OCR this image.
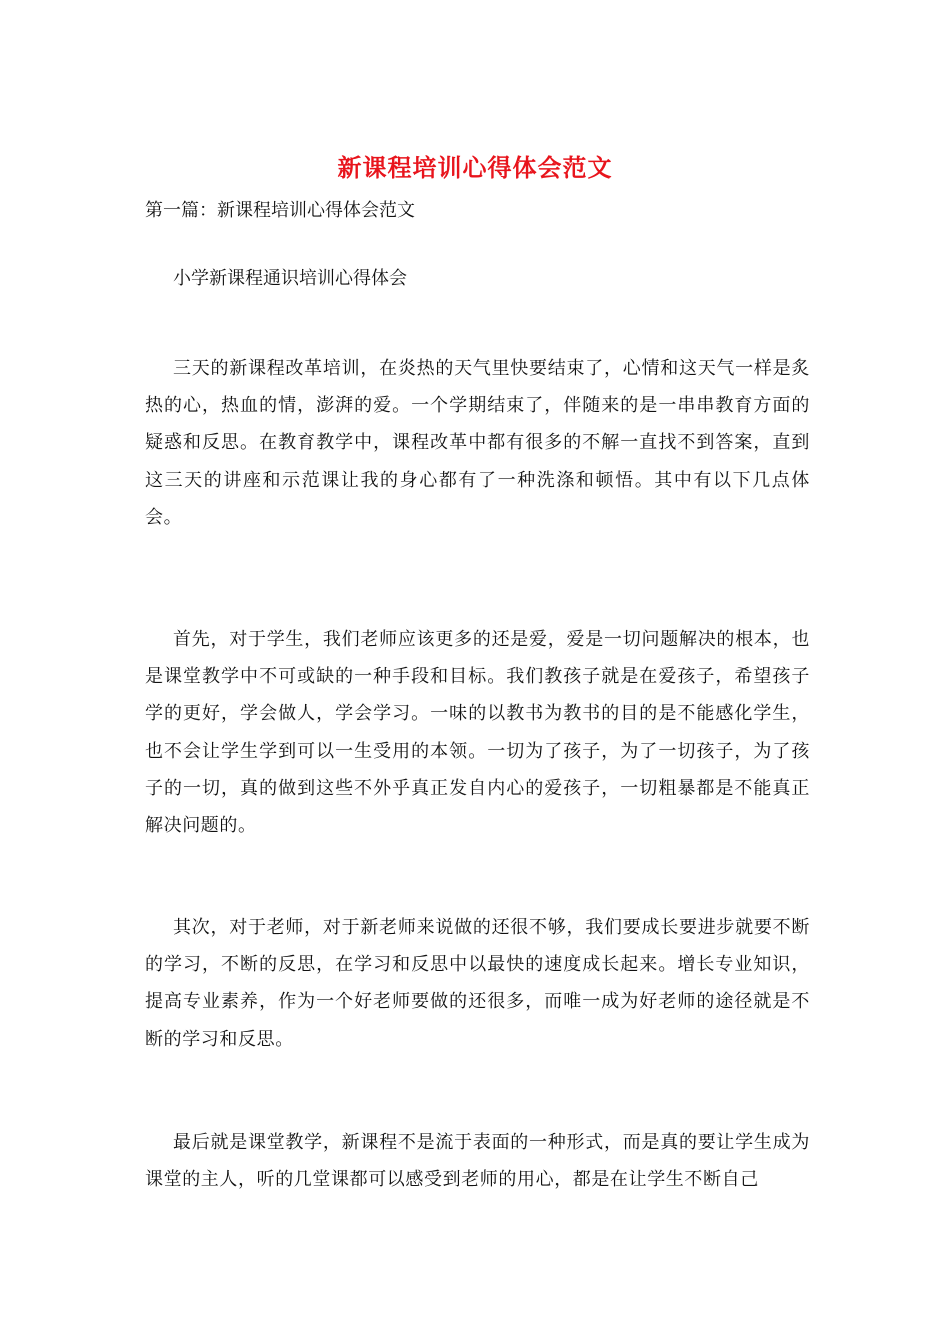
新课程培训心得体会范文
第一篇：新课程培训心得体会范文
小学新课程通识培训心得体会

三天的新课程改革培训，在炎热的天气里快要结束了，心情和这天气一样是炙热的心，热血的情，澎湃的爱。一个学期结束了，伴随来的是一串串教育方面的疑惑和反思。在教育教学中，课程改革中都有很多的不解一直找不到答案，直到这三天的讲座和示范课让我的身心都有了一种洗涤和顿悟。其中有以下几点体会。

首先，对于学生，我们老师应该更多的还是爱，爱是一切问题解决的根本，也是课堂教学中不可或缺的一种手段和目标。我们教孩子就是在爱孩子，希望孩子学的更好，学会做人，学会学习。一味的以教书为教书的目的是不能感化学生，也不会让学生学到可以一生受用的本领。一切为了孩子，为了一切孩子，为了孩子的一切，真的做到这些不外乎真正发自内心的爱孩子，一切粗暴都是不能真正解决问题的。

其次，对于老师，对于新老师来说做的还很不够，我们要成长要进步就要不断的学习，不断的反思，在学习和反思中以最快的速度成长起来。增长专业知识，提高专业素养，作为一个好老师要做的还很多，而唯一成为好老师的途径就是不断的学习和反思。

最后就是课堂教学，新课程不是流于表面的一种形式，而是真的要让学生成为课堂的主人，听的几堂课都可以感受到老师的用心，都是在让学生不断自己
